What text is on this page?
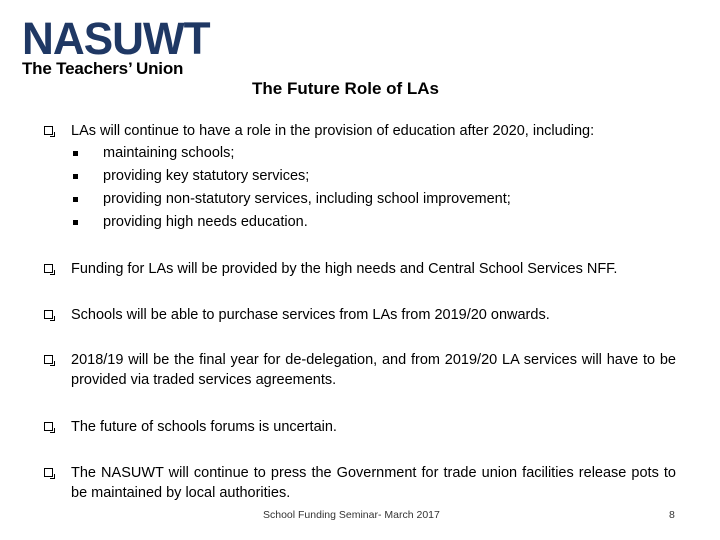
NASUWT
The Teachers’ Union
The Future Role of LAs
LAs will continue to have a role in the provision of education after 2020, including:
maintaining schools;
providing key statutory services;
providing non-statutory services, including school improvement;
providing high needs education.
Funding for LAs will be provided by the high needs and Central School Services NFF.
Schools will be able to purchase services from LAs from 2019/20 onwards.
2018/19 will be the final year for de-delegation, and from 2019/20 LA services will have to be provided via traded services agreements.
The future of schools forums is uncertain.
The NASUWT will continue to press the Government for trade union facilities release pots to be maintained by local authorities.
School Funding Seminar- March 2017	8
